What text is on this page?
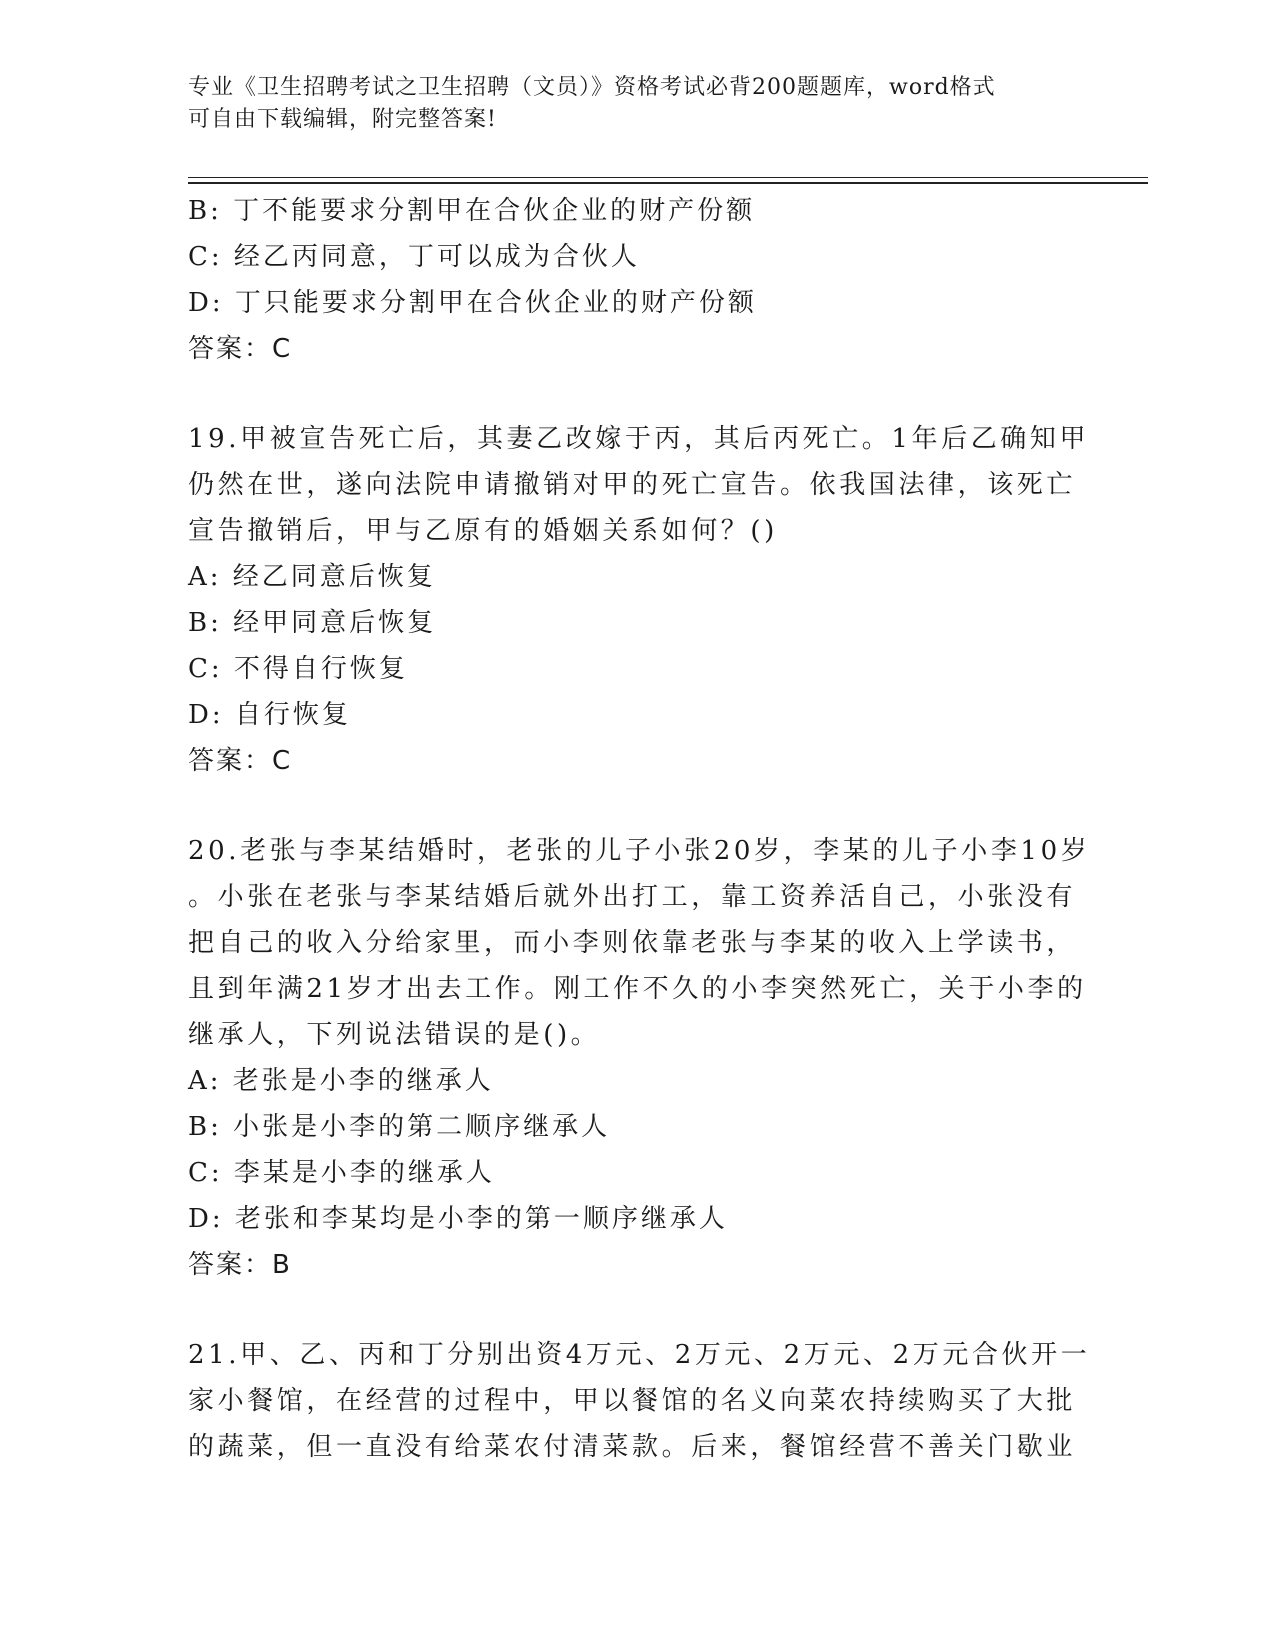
专业《卫生招聘考试之卫生招聘（文员）》资格考试必背200题题库，word格式
可自由下载编辑，附完整答案!
B: 丁不能要求分割甲在合伙企业的财产份额
C: 经乙丙同意，丁可以成为合伙人
D: 丁只能要求分割甲在合伙企业的财产份额
答案：C
19.甲被宣告死亡后，其妻乙改嫁于丙，其后丙死亡。1年后乙确知甲
仍然在世，遂向法院申请撤销对甲的死亡宣告。依我国法律，该死亡
宣告撤销后，甲与乙原有的婚姻关系如何？()
A: 经乙同意后恢复
B: 经甲同意后恢复
C: 不得自行恢复
D: 自行恢复
答案：C
20.老张与李某结婚时，老张的儿子小张20岁，李某的儿子小李10岁
。小张在老张与李某结婚后就外出打工，靠工资养活自己，小张没有
把自己的收入分给家里，而小李则依靠老张与李某的收入上学读书，
且到年满21岁才出去工作。刚工作不久的小李突然死亡，关于小李的
继承人，下列说法错误的是()。
A: 老张是小李的继承人
B: 小张是小李的第二顺序继承人
C: 李某是小李的继承人
D: 老张和李某均是小李的第一顺序继承人
答案：B
21.甲、乙、丙和丁分别出资4万元、2万元、2万元、2万元合伙开一
家小餐馆，在经营的过程中，甲以餐馆的名义向菜农持续购买了大批
的蔬菜，但一直没有给菜农付清菜款。后来，餐馆经营不善关门歇业
